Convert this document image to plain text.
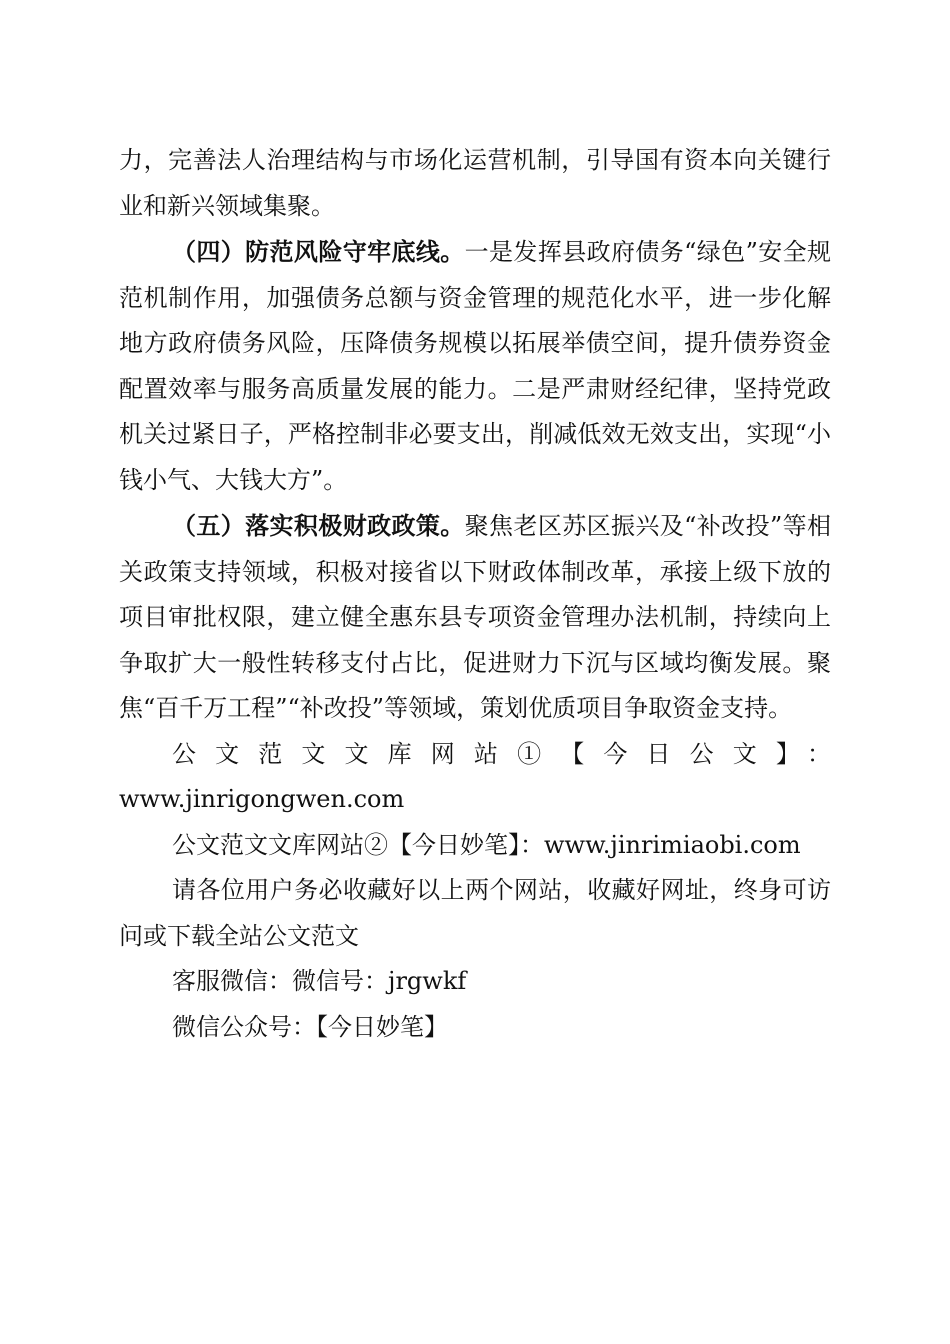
力，完善法人治理结构与市场化运营机制，引导国有资本向关键行业和新兴领域集聚。

（四）防范风险守牢底线。一是发挥县政府债务“绿色”安全规范机制作用，加强债务总额与资金管理的规范化水平，进一步化解地方政府债务风险，压降债务规模以拓展举债空间，提升债券资金配置效率与服务高质量发展的能力。二是严肃财经纪律，坚持党政机关过紧日子，严格控制非必要支出，削减低效无效支出，实现“小钱小气、大钱大方”。

（五）落实积极财政政策。聚焦老区苏区振兴及“补改投”等相关政策支持领域，积极对接省以下财政体制改革，承接上级下放的项目审批权限，建立健全惠东县专项资金管理办法机制，持续向上争取扩大一般性转移支付占比，促进财力下沉与区域均衡发展。聚焦“百千万工程”“补改投”等领域，策划优质项目争取资金支持。

公文范文文库网站①【今日公文】：

www.jinrigongwen.com

公文范文文库网站②【今日妙笔】：www.jinrimiaobi.com

请各位用户务必收藏好以上两个网站，收藏好网址，终身可访问或下载全站公文范文

客服微信：微信号：jrgwkf

微信公众号：【今日妙笔】
